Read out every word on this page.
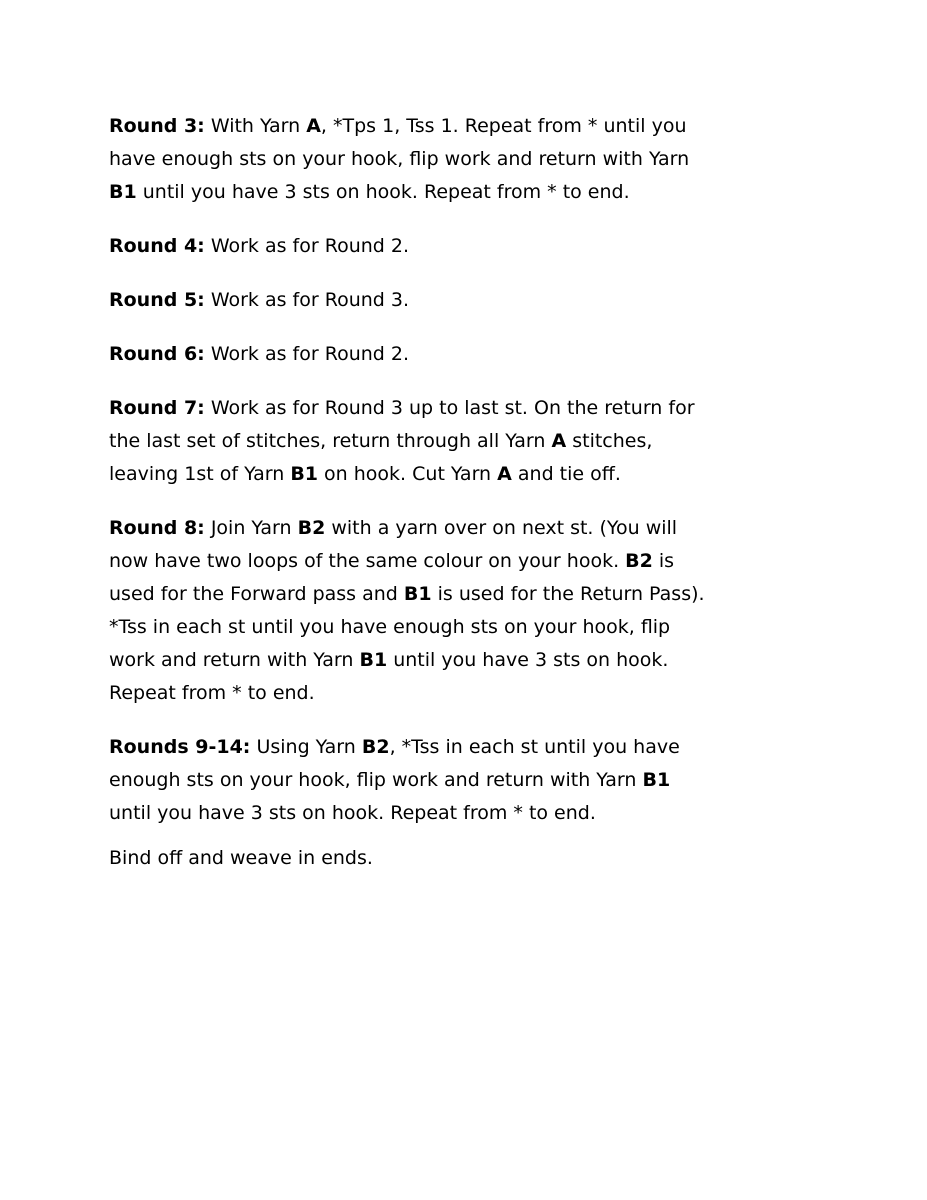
Round 3: With Yarn A, *Tps 1, Tss 1. Repeat from * until you
have enough sts on your hook, flip work and return with Yarn
B1 until you have 3 sts on hook. Repeat from * to end.
Round 4: Work as for Round 2.
Round 5: Work as for Round 3.
Round 6: Work as for Round 2.
Round 7: Work as for Round 3 up to last st. On the return for
the last set of stitches, return through all Yarn A stitches,
leaving 1st of Yarn B1 on hook. Cut Yarn A and tie off.
Round 8: Join Yarn B2 with a yarn over on next st. (You will
now have two loops of the same colour on your hook. B2 is
used for the Forward pass and B1 is used for the Return Pass).
*Tss in each st until you have enough sts on your hook, flip
work and return with Yarn B1 until you have 3 sts on hook.
Repeat from * to end.
Rounds 9-14: Using Yarn B2, *Tss in each st until you have
enough sts on your hook, flip work and return with Yarn B1
until you have 3 sts on hook. Repeat from * to end.
Bind off and weave in ends.
